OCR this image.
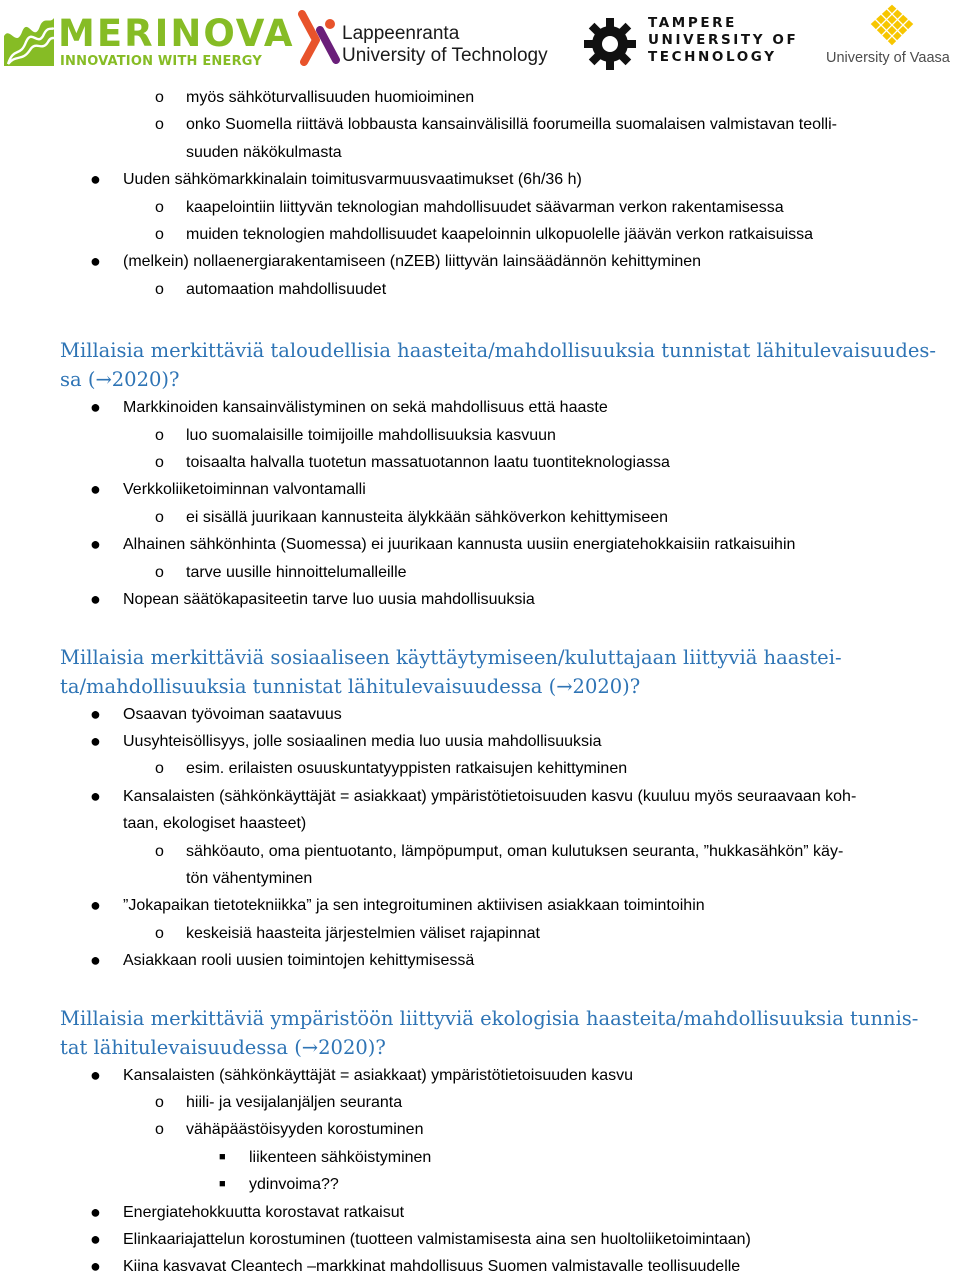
MERINOVA
INNOVATION WITH ENERGY
Lappeenranta
University of Technology
TAMPERE
UNIVERSITY OF
TECHNOLOGY	University of Vaasa
o myös sähköturvallisuuden huomioiminen
o onko Suomella riittävä lobbausta kansainvälisillä foorumeilla suomalaisen valmistavan teolli-
suuden näkökulmasta
● Uuden sähkömarkkinalain toimitusvarmuusvaatimukset (6h/36 h)
o kaapelointiin liittyvän teknologian mahdollisuudet säävarman verkon rakentamisessa
o muiden teknologien mahdollisuudet kaapeloinnin ulkopuolelle jäävän verkon ratkaisuissa
● (melkein) nollaenergiarakentamiseen (nZEB) liittyvän lainsäädännön kehittyminen
o automaation mahdollisuudet
Millaisia merkittäviä taloudellisia haasteita/mahdollisuuksia tunnistat lähitulevaisuudes-
sa (→2020)?
● Markkinoiden kansainvälistyminen on sekä mahdollisuus että haaste
o luo suomalaisille toimijoille mahdollisuuksia kasvuun
o toisaalta halvalla tuotetun massatuotannon laatu tuontiteknologiassa
● Verkkoliiketoiminnan valvontamalli
o ei sisällä juurikaan kannusteita älykkään sähköverkon kehittymiseen
● Alhainen sähkönhinta (Suomessa) ei juurikaan kannusta uusiin energiatehokkaisiin ratkaisuihin
o tarve uusille hinnoittelumalleille
● Nopean säätökapasiteetin tarve luo uusia mahdollisuuksia
Millaisia merkittäviä sosiaaliseen käyttäytymiseen/kuluttajaan liittyviä haastei-
ta/mahdollisuuksia tunnistat lähitulevaisuudessa (→2020)?
● Osaavan työvoiman saatavuus
● Uusyhteisöllisyys, jolle sosiaalinen media luo uusia mahdollisuuksia
o esim. erilaisten osuuskuntatyyppisten ratkaisujen kehittyminen
● Kansalaisten (sähkönkäyttäjät = asiakkaat) ympäristötietoisuuden kasvu (kuuluu myös seuraavaan koh-
taan, ekologiset haasteet)
o sähköauto, oma pientuotanto, lämpöpumput, oman kulutuksen seuranta, ”hukkasähkön” käy-
tön vähentyminen
● ”Jokapaikan tietotekniikka” ja sen integroituminen aktiivisen asiakkaan toimintoihin
o keskeisiä haasteita järjestelmien väliset rajapinnat
● Asiakkaan rooli uusien toimintojen kehittymisessä
Millaisia merkittäviä ympäristöön liittyviä ekologisia haasteita/mahdollisuuksia tunnis-
tat lähitulevaisuudessa (→2020)?
● Kansalaisten (sähkönkäyttäjät = asiakkaat) ympäristötietoisuuden kasvu
o hiili- ja vesijalanjäljen seuranta
o vähäpäästöisyyden korostuminen
■ liikenteen sähköistyminen
■ ydinvoima??
● Energiatehokkuutta korostavat ratkaisut
● Elinkaariajattelun korostuminen (tuotteen valmistamisesta aina sen huoltoliiketoimintaan)
● Kiina kasvavat Cleantech –markkinat mahdollisuus Suomen valmistavalle teollisuudelle
